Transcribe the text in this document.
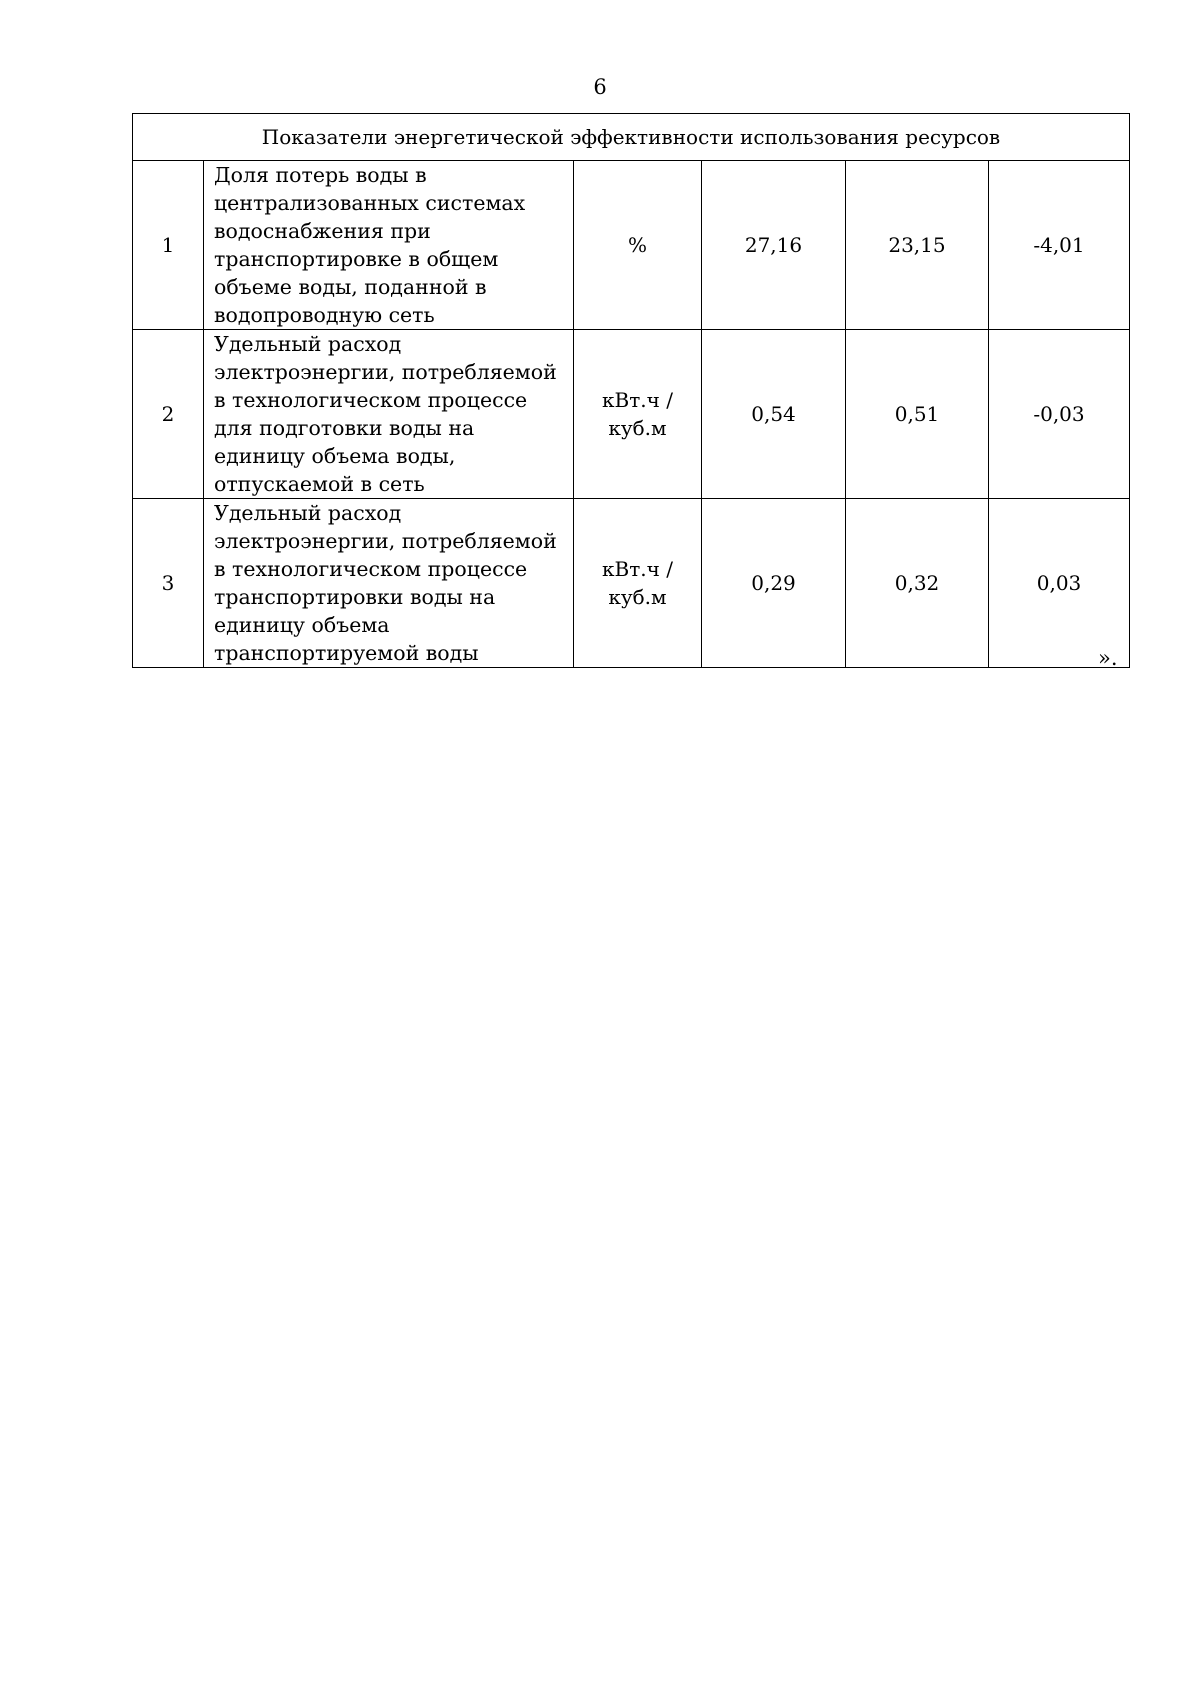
6
Показатели энергетической эффективности использования ресурсов					
1	Доля потерь воды в централизованных системах водоснабжения при транспортировке в общем объеме воды, поданной в водопроводную сеть	%	27,16	23,15	-4,01
2	Удельный расход электроэнергии, потребляемой в технологическом процессе для подготовки воды на единицу объема воды, отпускаемой в сеть	кВт.ч / куб.м	0,54	0,51	-0,03
3	Удельный расход электроэнергии, потребляемой в технологическом процессе транспортировки воды на единицу объема транспортируемой воды	кВт.ч / куб.м	0,29	0,32	0,03
».
